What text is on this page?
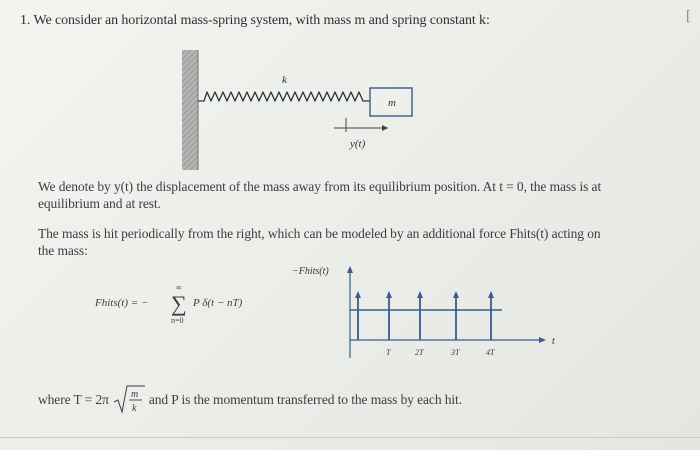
1. We consider an horizontal mass-spring system, with mass m and spring constant k:	[
k
m
y(t)
We denote by y(t) the displacement of the mass away from its equilibrium position. At t = 0, the mass is at
equilibrium and at rest.
The mass is hit periodically from the right, which can be modeled by an additional force Fhits(t) acting on
the mass:
Fhits(t) = −
∞
∑
n=0
P δ(t − nT)
−Fhits(t)
t
T	2T	3T	4T
where T = 2π m
k
and P is the momentum transferred to the mass by each hit.
